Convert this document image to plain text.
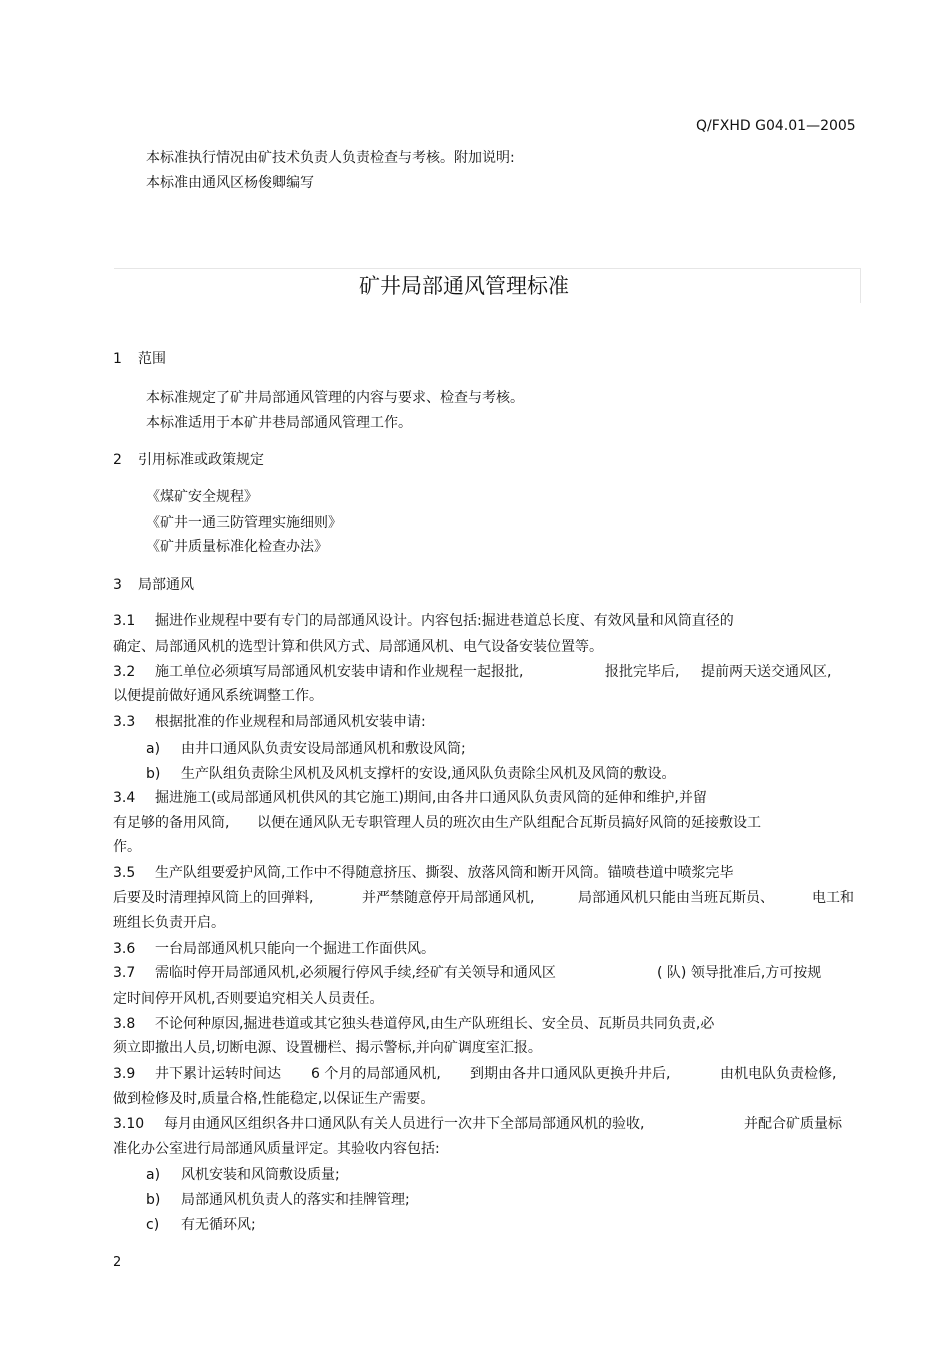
Q/FXHD G04.01—2005
本标准执行情况由矿技术负责人负责检查与考核。附加说明:
本标准由通风区杨俊卿编写
矿井局部通风管理标准
1 范围
本标准规定了矿井局部通风管理的内容与要求、检查与考核。
本标准适用于本矿井巷局部通风管理工作。
2 引用标准或政策规定
《煤矿安全规程》
《矿井一通三防管理实施细则》
《矿井质量标准化检查办法》
3 局部通风
3.1 掘进作业规程中要有专门的局部通风设计。内容包括:掘进巷道总长度、有效风量和风筒直径的
确定、局部通风机的选型计算和供风方式、局部通风机、电气设备安装位置等。
3.2 施工单位必须填写局部通风机安装申请和作业规程一起报批,	报批完毕后, 提前两天送交通风区,
以便提前做好通风系统调整工作。
3.3 根据批准的作业规程和局部通风机安装申请:
a) 由井口通风队负责安设局部通风机和敷设风筒;
b) 生产队组负责除尘风机及风机支撑杆的安设,通风队负责除尘风机及风筒的敷设。
3.4 掘进施工(或局部通风机供风的其它施工)期间,由各井口通风队负责风筒的延伸和维护,并留
有足够的备用风筒, 以便在通风队无专职管理人员的班次由生产队组配合瓦斯员搞好风筒的延接敷设工
作。
3.5 生产队组要爱护风筒,工作中不得随意挤压、撕裂、放落风筒和断开风筒。锚喷巷道中喷浆完毕
后要及时清理掉风筒上的回弹料,	并严禁随意停开局部通风机,	局部通风机只能由当班瓦斯员、	电工和
班组长负责开启。
3.6 一台局部通风机只能向一个掘进工作面供风。
3.7 需临时停开局部通风机,必须履行停风手续,经矿有关领导和通风区	( 队) 领导批准后,方可按规
定时间停开风机,否则要追究相关人员责任。
3.8 不论何种原因,掘进巷道或其它独头巷道停风,由生产队班组长、安全员、瓦斯员共同负责,必
须立即撤出人员,切断电源、设置栅栏、揭示警标,并向矿调度室汇报。
3.9 井下累计运转时间达 6 个月的局部通风机, 到期由各井口通风队更换升井后,	由机电队负责检修,
做到检修及时,质量合格,性能稳定,以保证生产需要。
3.10 每月由通风区组织各井口通风队有关人员进行一次井下全部局部通风机的验收,	并配合矿质量标
准化办公室进行局部通风质量评定。其验收内容包括:
a) 风机安装和风筒敷设质量;
b) 局部通风机负责人的落实和挂牌管理;
c) 有无循环风;
2
